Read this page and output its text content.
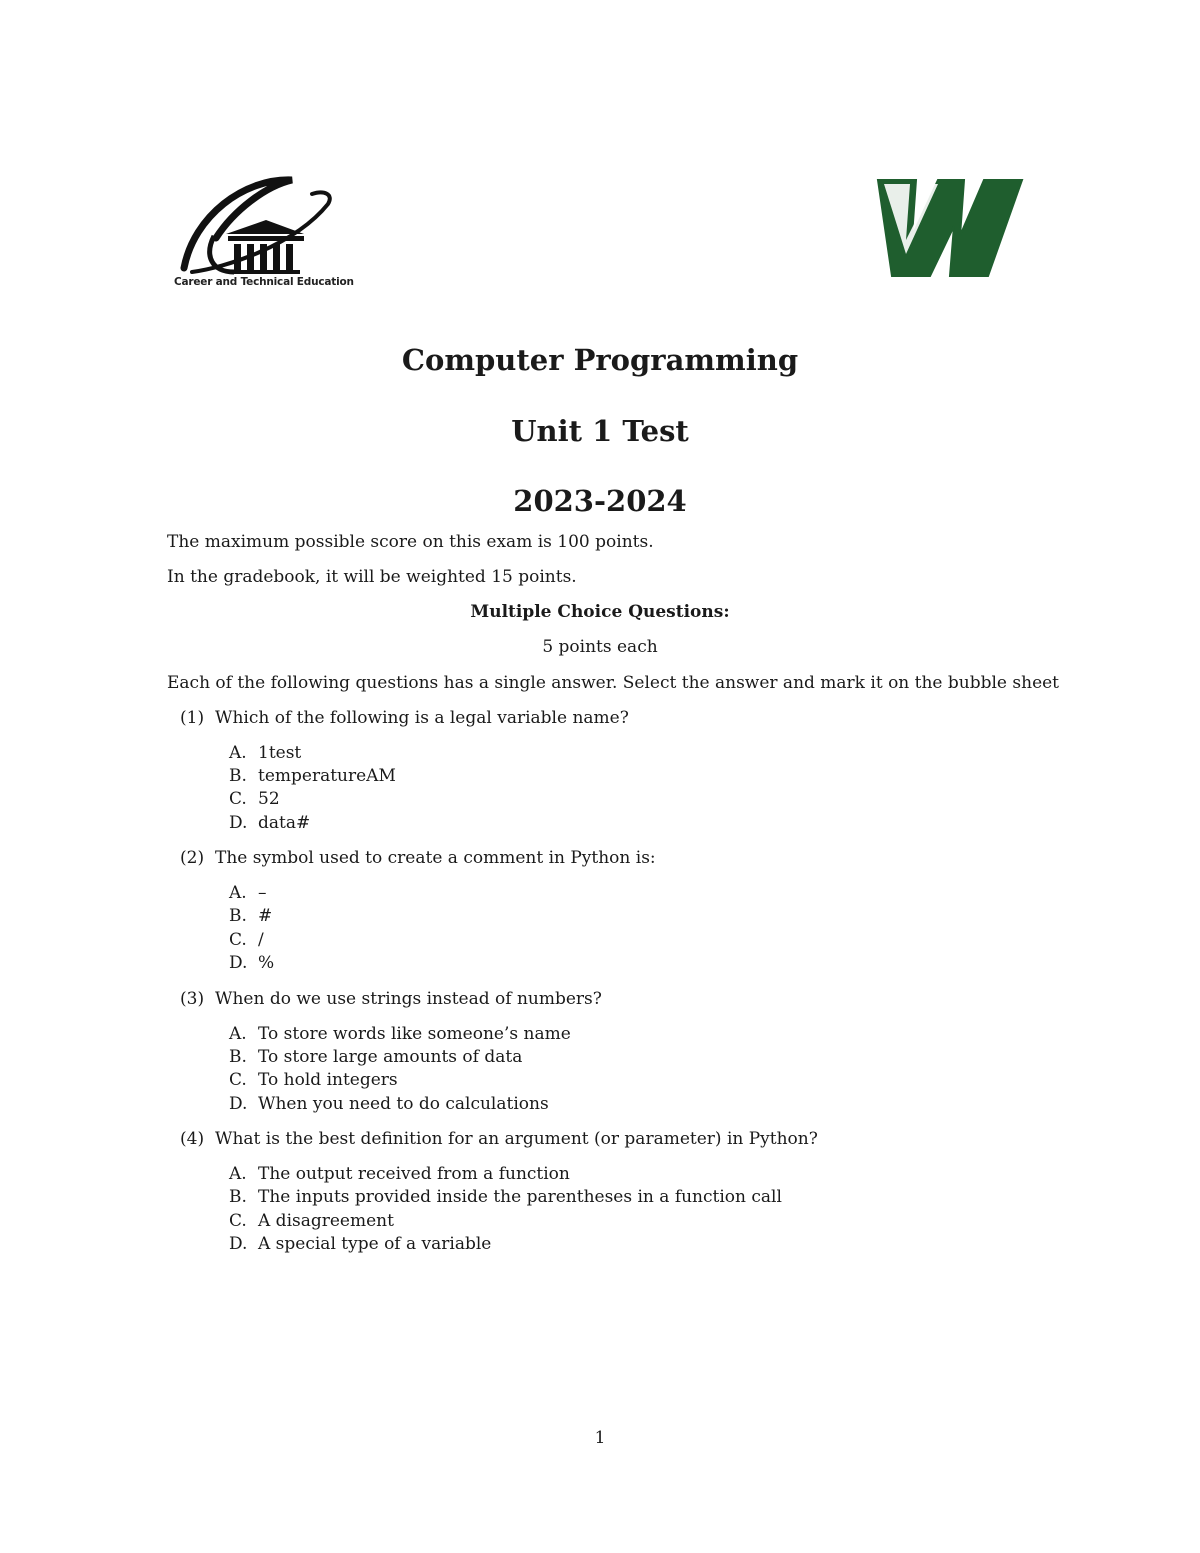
Career and Technical Education
Computer Programming
Unit 1 Test
2023-2024
The maximum possible score on this exam is 100 points.
In the gradebook, it will be weighted 15 points.
Multiple Choice Questions:
5 points each
Each of the following questions has a single answer. Select the answer and mark it on the bubble sheet
(1) Which of the following is a legal variable name?
A. 1test
B. temperatureAM
C. 52
D. data#
(2) The symbol used to create a comment in Python is:
A. –
B. #
C. /
D. %
(3) When do we use strings instead of numbers?
A. To store words like someone’s name
B. To store large amounts of data
C. To hold integers
D. When you need to do calculations
(4) What is the best definition for an argument (or parameter) in Python?
A. The output received from a function
B. The inputs provided inside the parentheses in a function call
C. A disagreement
D. A special type of a variable
1
